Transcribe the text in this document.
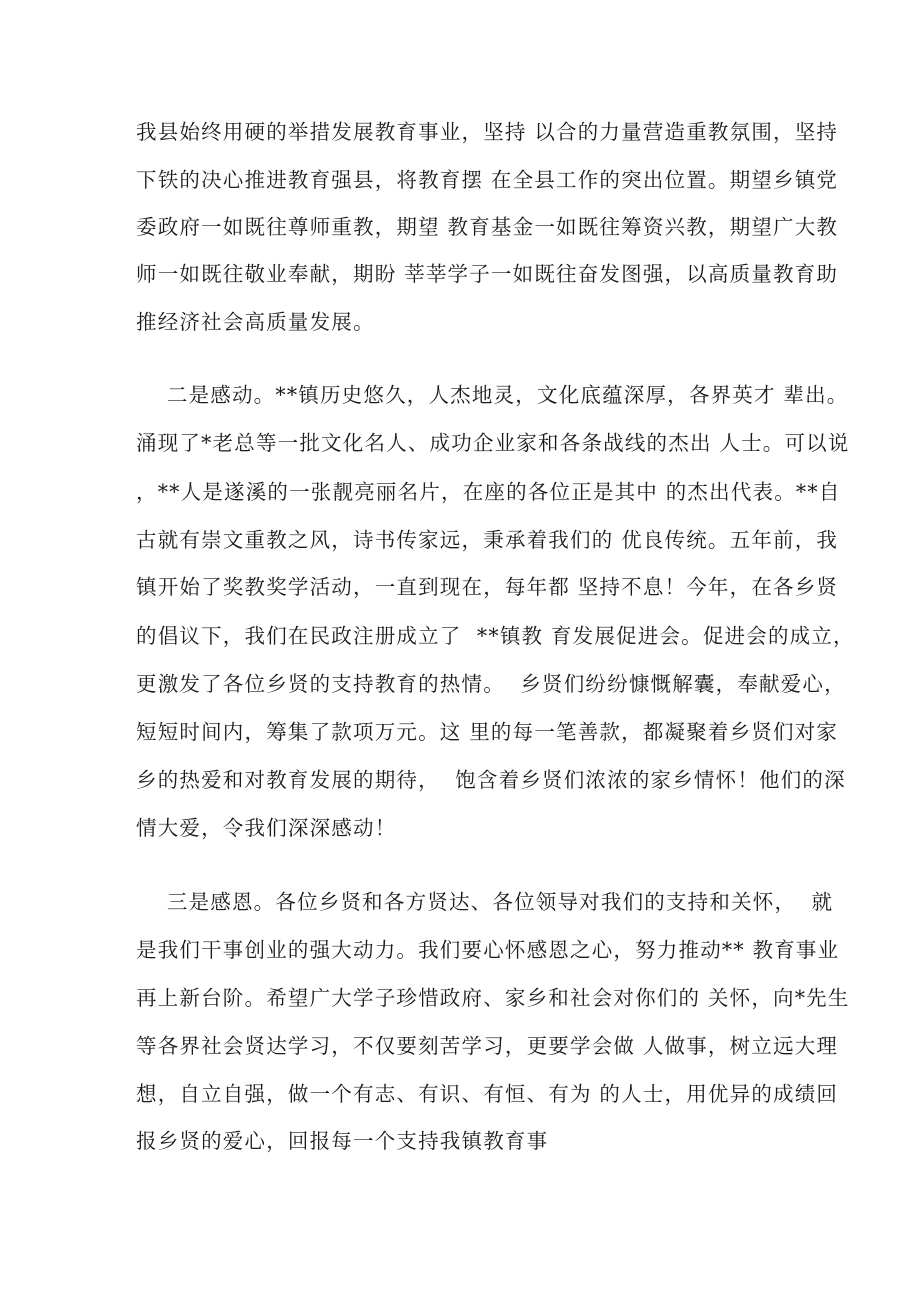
我县始终用硬的举措发展教育事业，坚持 以合的力量营造重教氛围，坚持
下铁的决心推进教育强县，将教育摆 在全县工作的突出位置。期望乡镇党
委政府一如既往尊师重教，期望 教育基金一如既往筹资兴教，期望广大教
师一如既往敬业奉献，期盼 莘莘学子一如既往奋发图强，以高质量教育助
推经济社会高质量发展。
二是感动。**镇历史悠久，人杰地灵，文化底蕴深厚，各界英才 辈出。
涌现了*老总等一批文化名人、成功企业家和各条战线的杰出 人士。可以说
，**人是遂溪的一张靓亮丽名片，在座的各位正是其中 的杰出代表。**自
古就有崇文重教之风，诗书传家远，秉承着我们的 优良传统。五年前，我
镇开始了奖教奖学活动，一直到现在，每年都 坚持不息！今年，在各乡贤
的倡议下，我们在民政注册成立了  **镇教 育发展促进会。促进会的成立，
更激发了各位乡贤的支持教育的热情。  乡贤们纷纷慷慨解囊，奉献爱心，
短短时间内，筹集了款项万元。这 里的每一笔善款，都凝聚着乡贤们对家
乡的热爱和对教育发展的期待，  饱含着乡贤们浓浓的家乡情怀！他们的深
情大爱，令我们深深感动！
三是感恩。各位乡贤和各方贤达、各位领导对我们的支持和关怀，  就
是我们干事创业的强大动力。我们要心怀感恩之心，努力推动** 教育事业
再上新台阶。希望广大学子珍惜政府、家乡和社会对你们的 关怀，向*先生
等各界社会贤达学习，不仅要刻苦学习，更要学会做 人做事，树立远大理
想，自立自强，做一个有志、有识、有恒、有为 的人士，用优异的成绩回
报乡贤的爱心，回报每一个支持我镇教育事
